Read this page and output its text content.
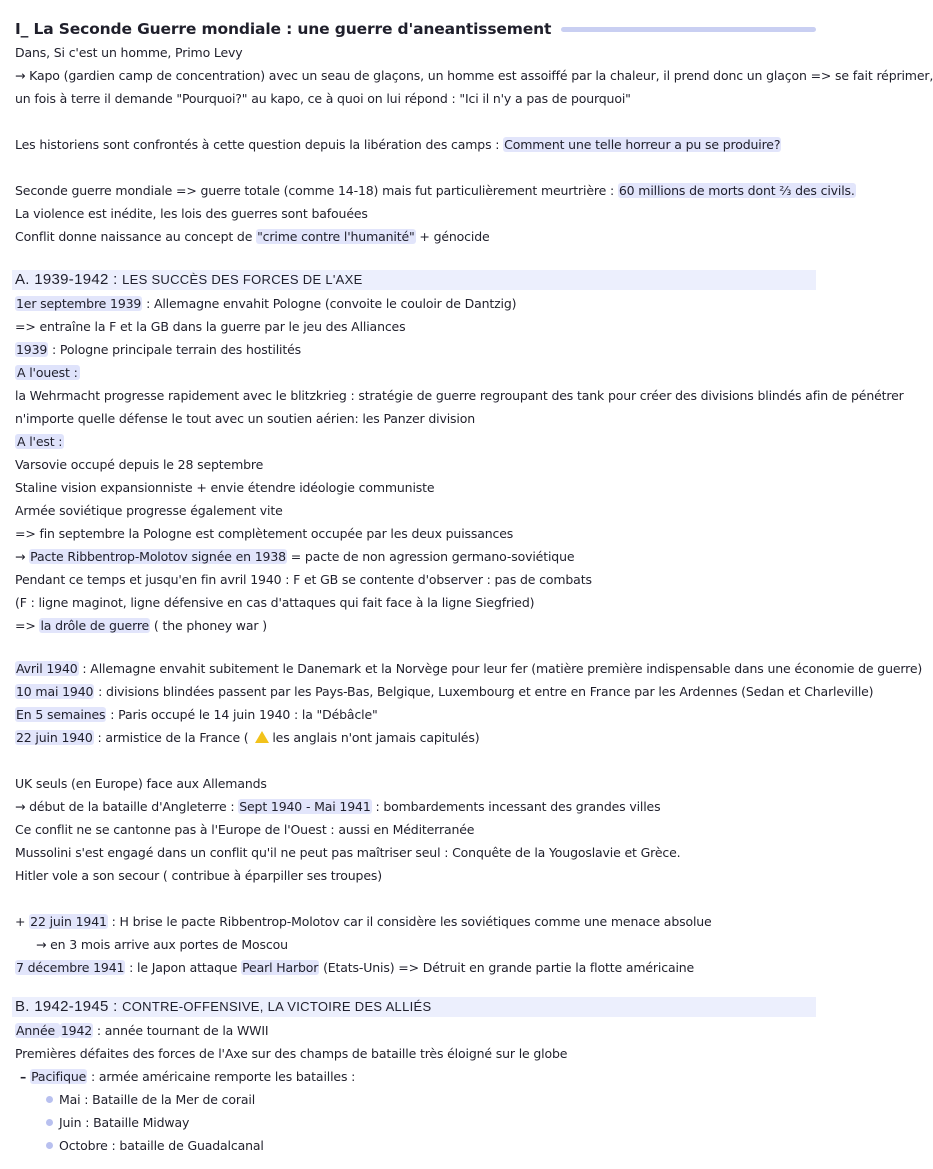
I_ La Seconde Guerre mondiale : une guerre d'aneantissement
Dans, Si c'est un homme, Primo Levy
→ Kapo (gardien camp de concentration) avec un seau de glaçons, un homme est assoiffé par la chaleur, il prend donc un glaçon => se fait réprimer,
un fois à terre il demande "Pourquoi?" au kapo, ce à quoi on lui répond : "Ici il n'y a pas de pourquoi"
Les historiens sont confrontés à cette question depuis la libération des camps : Comment une telle horreur a pu se produire?
Seconde guerre mondiale => guerre totale (comme 14-18) mais fut particulièrement meurtrière : 60 millions de morts dont ⅔ des civils.
La violence est inédite, les lois des guerres sont bafouées
Conflit donne naissance au concept de "crime contre l'humanité" + génocide
A. 1939-1942 : LES SUCCÈS DES FORCES DE L'AXE
1er septembre 1939 : Allemagne envahit Pologne (convoite le couloir de Dantzig)
=> entraîne la F et la GB dans la guerre par le jeu des Alliances
1939 : Pologne principale terrain des hostilités
A l'ouest :
la Wehrmacht progresse rapidement avec le blitzkrieg : stratégie de guerre regroupant des tank pour créer des divisions blindés afin de pénétrer
n'importe quelle défense le tout avec un soutien aérien: les Panzer division
A l'est :
Varsovie occupé depuis le 28 septembre
Staline vision expansionniste + envie étendre idéologie communiste
Armée soviétique progresse également vite
=> fin septembre la Pologne est complètement occupée par les deux puissances
→ Pacte Ribbentrop-Molotov signée en 1938 = pacte de non agression germano-soviétique
Pendant ce temps et jusqu'en fin avril 1940 : F et GB se contente d'observer : pas de combats
(F : ligne maginot, ligne défensive en cas d'attaques qui fait face à la ligne Siegfried)
=> la drôle de guerre ( the phoney war )
Avril 1940 : Allemagne envahit subitement le Danemark et la Norvège pour leur fer (matière première indispensable dans une économie de guerre)
10 mai 1940 : divisions blindées passent par les Pays-Bas, Belgique, Luxembourg et entre en France par les Ardennes (Sedan et Charleville)
En 5 semaines : Paris occupé le 14 juin 1940 : la "Débâcle"
22 juin 1940 : armistice de la France ( les anglais n'ont jamais capitulés)
UK seuls (en Europe) face aux Allemands
→ début de la bataille d'Angleterre : Sept 1940 - Mai 1941 : bombardements incessant des grandes villes
Ce conflit ne se cantonne pas à l'Europe de l'Ouest : aussi en Méditerranée
Mussolini s'est engagé dans un conflit qu'il ne peut pas maîtriser seul : Conquête de la Yougoslavie et Grèce.
Hitler vole a son secour ( contribue à éparpiller ses troupes)
+ 22 juin 1941 : H brise le pacte Ribbentrop-Molotov car il considère les soviétiques comme une menace absolue
→ en 3 mois arrive aux portes de Moscou
7 décembre 1941 : le Japon attaque Pearl Harbor (Etats-Unis) => Détruit en grande partie la flotte américaine
B. 1942-1945 : CONTRE-OFFENSIVE, LA VICTOIRE DES ALLIÉS
Année 1942 : année tournant de la WWII
Premières défaites des forces de l'Axe sur des champs de bataille très éloigné sur le globe
– Pacifique : armée américaine remporte les batailles :
Mai : Bataille de la Mer de corail
Juin : Bataille Midway
Octobre : bataille de Guadalcanal
